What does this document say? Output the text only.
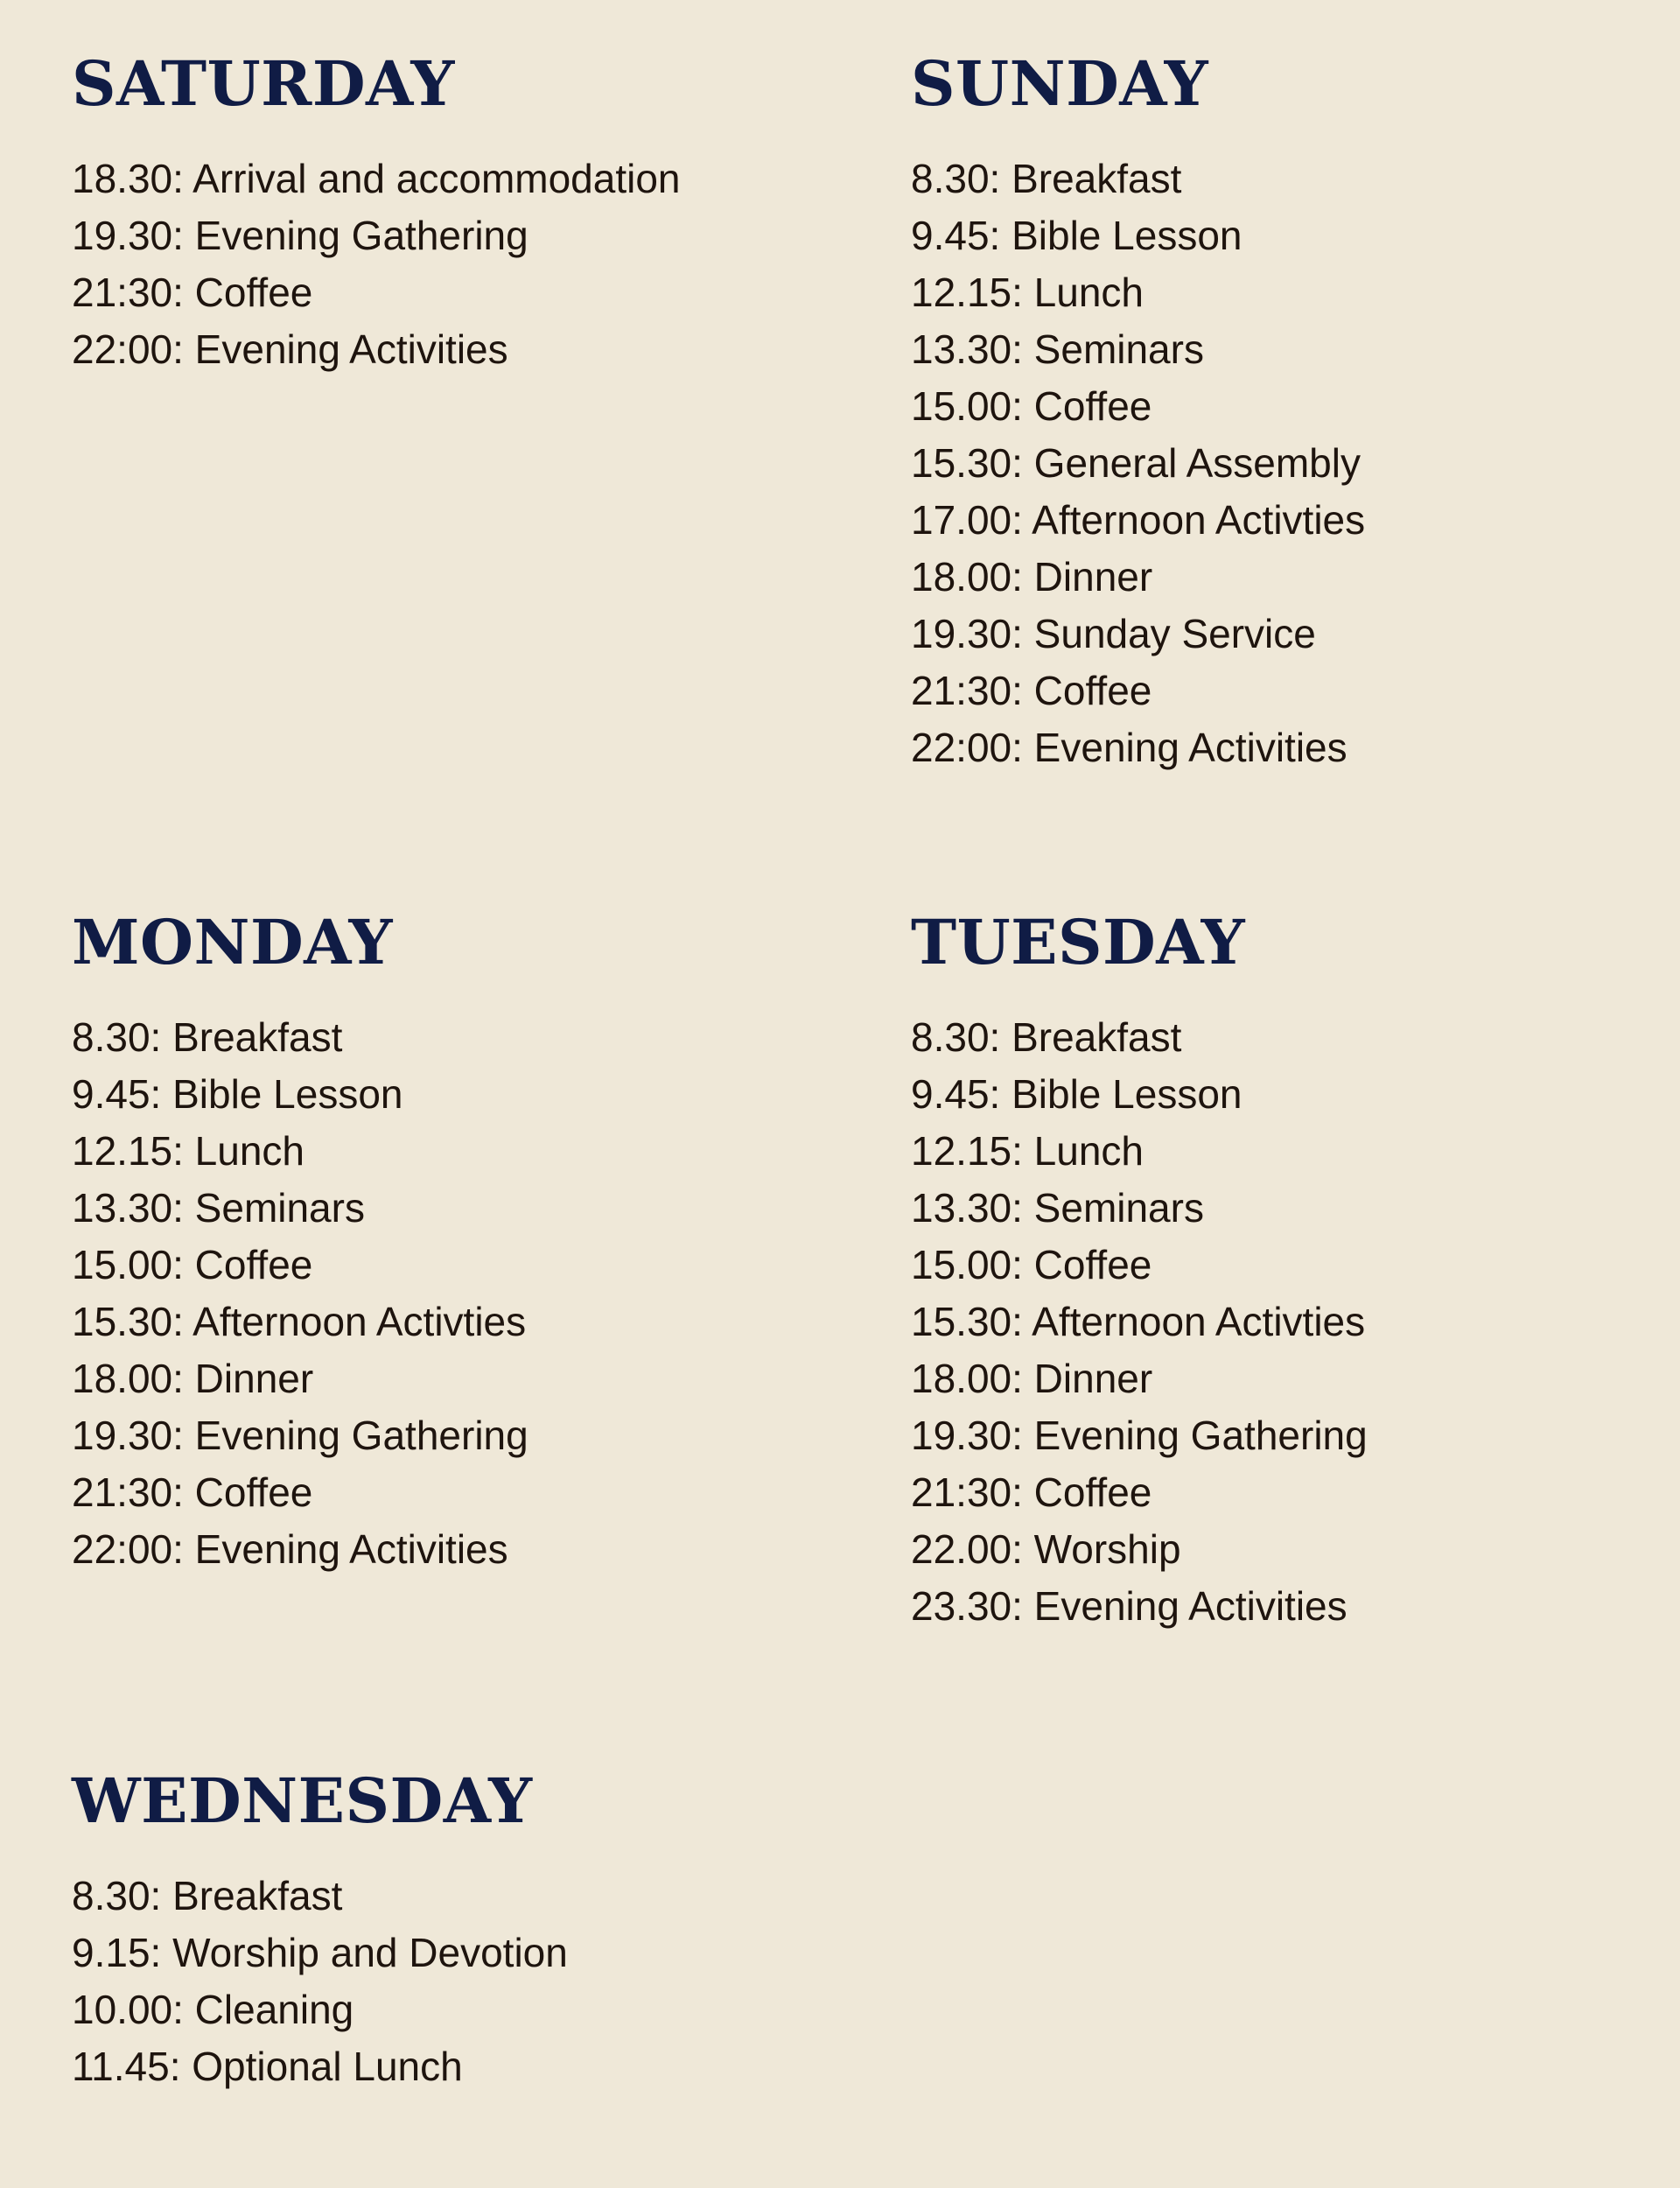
SATURDAY
18.30: Arrival and accommodation
19.30: Evening Gathering
21:30: Coffee
22:00: Evening Activities
SUNDAY
8.30: Breakfast
9.45: Bible Lesson
12.15: Lunch
13.30: Seminars
15.00: Coffee
15.30: General Assembly
17.00: Afternoon Activties
18.00: Dinner
19.30: Sunday Service
21:30: Coffee
22:00: Evening Activities
MONDAY
8.30: Breakfast
9.45: Bible Lesson
12.15: Lunch
13.30: Seminars
15.00: Coffee
15.30: Afternoon Activties
18.00: Dinner
19.30: Evening Gathering
21:30: Coffee
22:00: Evening Activities
TUESDAY
8.30: Breakfast
9.45: Bible Lesson
12.15: Lunch
13.30: Seminars
15.00: Coffee
15.30: Afternoon Activties
18.00: Dinner
19.30: Evening Gathering
21:30: Coffee
22.00: Worship
23.30: Evening Activities
WEDNESDAY
8.30: Breakfast
9.15: Worship and Devotion
10.00: Cleaning
11.45: Optional Lunch
